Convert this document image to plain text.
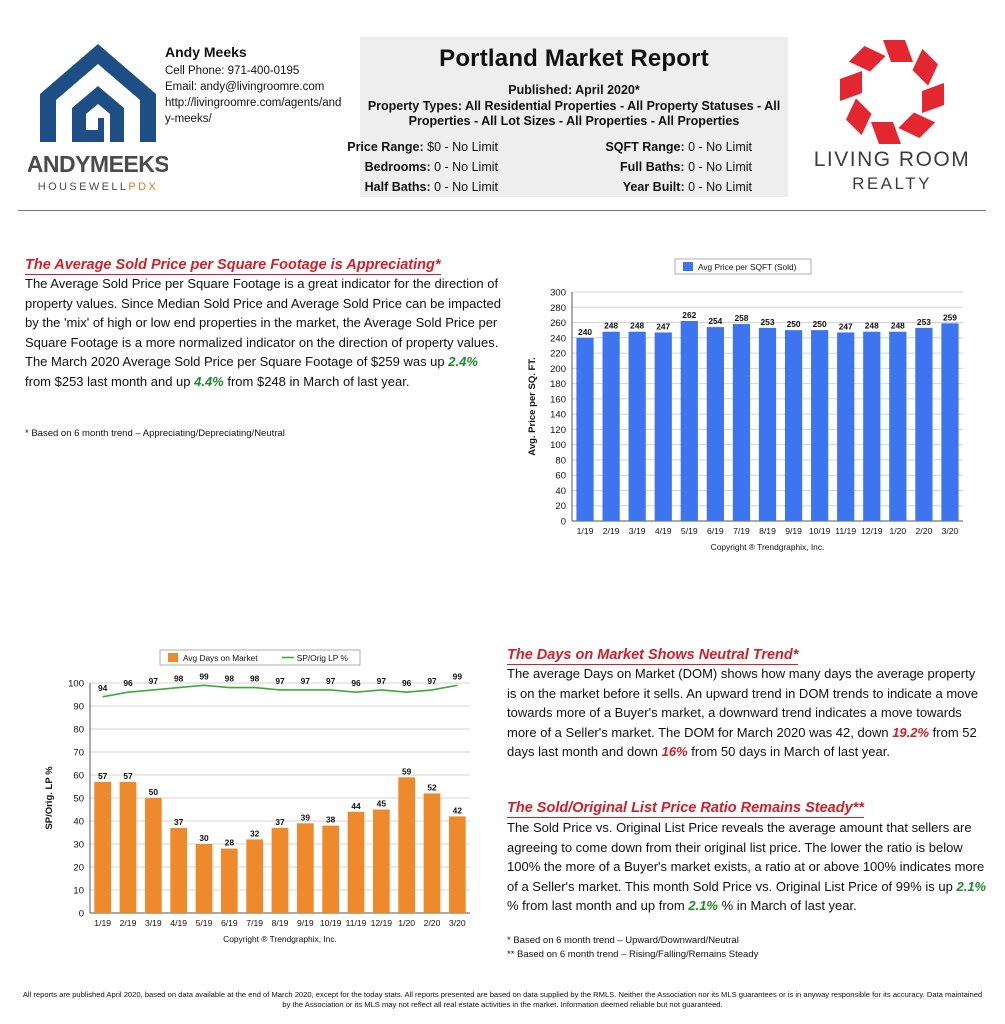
ANDYMEEKS
HOUSEWELLPDX
Andy Meeks
Cell Phone: 971-400-0195
Email: andy@livingroomre.com
http://livingroomre.com/agents/and
y-meeks/
Portland Market Report
Published: April 2020*
Property Types: All Residential Properties - All Property Statuses - All Properties - All Lot Sizes - All Properties - All Properties
Price Range: $0 - No Limit	SQFT Range: 0 - No Limit
Bedrooms: 0 - No Limit	Full Baths: 0 - No Limit
Half Baths: 0 - No Limit	Year Built: 0 - No Limit
LIVING ROOM
REALTY
The Average Sold Price per Square Footage is Appreciating*
The Average Sold Price per Square Footage is a great indicator for the direction of property values. Since Median Sold Price and Average Sold Price can be impacted by the 'mix' of high or low end properties in the market, the Average Sold Price per Square Footage is a more normalized indicator on the direction of property values. The March 2020 Average Sold Price per Square Footage of $259 was up 2.4% from $253 last month and up 4.4% from $248 in March of last year.
* Based on 6 month trend – Appreciating/Depreciating/Neutral
0
20
40
60
80
100
120
140
160
180
200
220
240
260
280
300
1/19 2/19 3/19 4/19 5/19 6/19 7/19 8/19 9/19 10/19 11/19 12/19 1/20 2/20 3/20
Avg. Price per SQ. FT.
240
248 248 247
262
254 258 253 250 250 247 248 248 253 259
Avg Price per SQFT (Sold)
Copyright ® Trendgraphix, Inc.
0
10
20
30
40
50
60
70
80
90
100
1/19 2/19 3/19 4/19 5/19 6/19 7/19 8/19 9/19 10/19 11/19 12/19 1/20 2/20 3/20
SP/Orig. LP %	57 57
50
37
30 28
32
37 39 38
44 45
59
52
42
94 96 97 98 99 98 98 97 97 97 96 97 96 97 99
Avg Days on Market	SP/Orig LP %
Copyright ® Trendgraphix, Inc.
The Days on Market Shows Neutral Trend*
The average Days on Market (DOM) shows how many days the average property is on the market before it sells. An upward trend in DOM trends to indicate a move towards more of a Buyer's market, a downward trend indicates a move towards more of a Seller's market. The DOM for March 2020 was 42, down 19.2% from 52 days last month and down 16% from 50 days in March of last year.
The Sold/Original List Price Ratio Remains Steady**
The Sold Price vs. Original List Price reveals the average amount that sellers are agreeing to come down from their original list price. The lower the ratio is below 100% the more of a Buyer's market exists, a ratio at or above 100% indicates more of a Seller's market. This month Sold Price vs. Original List Price of 99% is up 2.1% % from last month and up from 2.1% % in March of last year.
* Based on 6 month trend – Upward/Downward/Neutral
** Based on 6 month trend – Rising/Falling/Remains Steady
All reports are published April 2020, based on data available at the end of March 2020, except for the today stats. All reports presented are based on data supplied by the RMLS. Neither the Association nor its MLS guarantees or is in anyway responsible for its accuracy. Data maintained by the Association or its MLS may not reflect all real estate activities in the market. Information deemed reliable but not guaranteed.
